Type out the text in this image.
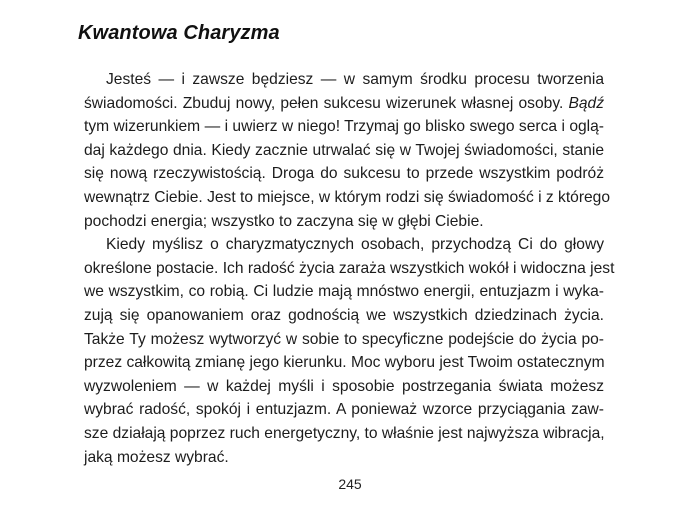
Kwantowa Charyzma
Jesteś — i zawsze będziesz — w samym środku procesu tworzenia
świadomości. Zbuduj nowy, pełen sukcesu wizerunek własnej osoby. Bądź
tym wizerunkiem — i uwierz w niego! Trzymaj go blisko swego serca i oglą-
daj każdego dnia. Kiedy zacznie utrwalać się w Twojej świadomości, stanie
się nową rzeczywistością. Droga do sukcesu to przede wszystkim podróż
wewnątrz Ciebie. Jest to miejsce, w którym rodzi się świadomość i z którego
pochodzi energia; wszystko to zaczyna się w głębi Ciebie.
Kiedy myślisz o charyzmatycznych osobach, przychodzą Ci do głowy
określone postacie. Ich radość życia zaraża wszystkich wokół i widoczna jest
we wszystkim, co robią. Ci ludzie mają mnóstwo energii, entuzjazm i wyka-
zują się opanowaniem oraz godnością we wszystkich dziedzinach życia.
Także Ty możesz wytworzyć w sobie to specyficzne podejście do życia po-
przez całkowitą zmianę jego kierunku. Moc wyboru jest Twoim ostatecznym
wyzwoleniem — w każdej myśli i sposobie postrzegania świata możesz
wybrać radość, spokój i entuzjazm. A ponieważ wzorce przyciągania zaw-
sze działają poprzez ruch energetyczny, to właśnie jest najwyższa wibracja,
jaką możesz wybrać.
245
